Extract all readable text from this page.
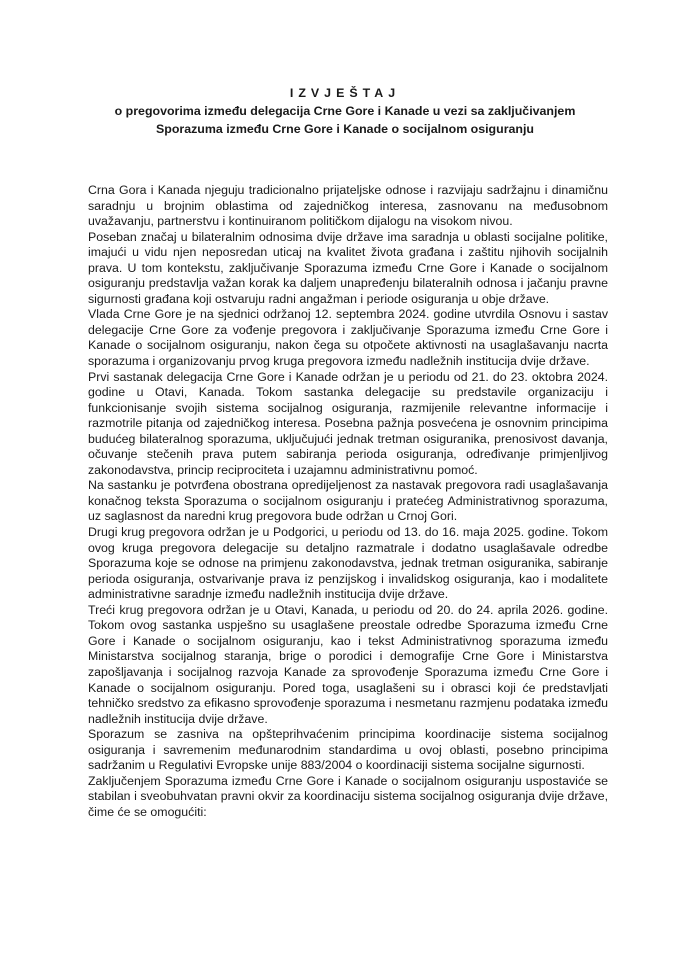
IZVJEŠTAJ
o pregovorima između delegacija Crne Gore i Kanade u vezi sa zaključivanjem
Sporazuma između Crne Gore i Kanade o socijalnom osiguranju

Crna Gora i Kanada njeguju tradicionalno prijateljske odnose i razvijaju sadržajnu i dinamičnu saradnju u brojnim oblastima od zajedničkog interesa, zasnovanu na međusobnom uvažavanju, partnerstvu i kontinuiranom političkom dijalogu na visokom nivou.

Poseban značaj u bilateralnim odnosima dvije države ima saradnja u oblasti socijalne politike, imajući u vidu njen neposredan uticaj na kvalitet života građana i zaštitu njihovih socijalnih prava. U tom kontekstu, zaključivanje Sporazuma između Crne Gore i Kanade o socijalnom osiguranju predstavlja važan korak ka daljem unapređenju bilateralnih odnosa i jačanju pravne sigurnosti građana koji ostvaruju radni angažman i periode osiguranja u obje države.

Vlada Crne Gore je na sjednici održanoj 12. septembra 2024. godine utvrdila Osnovu i sastav delegacije Crne Gore za vođenje pregovora i zaključivanje Sporazuma između Crne Gore i Kanade o socijalnom osiguranju, nakon čega su otpočete aktivnosti na usaglašavanju nacrta sporazuma i organizovanju prvog kruga pregovora između nadležnih institucija dvije države.

Prvi sastanak delegacija Crne Gore i Kanade održan je u periodu od 21. do 23. oktobra 2024. godine u Otavi, Kanada. Tokom sastanka delegacije su predstavile organizaciju i funkcionisanje svojih sistema socijalnog osiguranja, razmijenile relevantne informacije i razmotrile pitanja od zajedničkog interesa. Posebna pažnja posvećena je osnovnim principima budućeg bilateralnog sporazuma, uključujući jednak tretman osiguranika, prenosivost davanja, očuvanje stečenih prava putem sabiranja perioda osiguranja, određivanje primjenljivog zakonodavstva, princip reciprociteta i uzajamnu administrativnu pomoć.

Na sastanku je potvrđena obostrana opredijeljenost za nastavak pregovora radi usaglašavanja konačnog teksta Sporazuma o socijalnom osiguranju i pratećeg Administrativnog sporazuma, uz saglasnost da naredni krug pregovora bude održan u Crnoj Gori.

Drugi krug pregovora održan je u Podgorici, u periodu od 13. do 16. maja 2025. godine. Tokom ovog kruga pregovora delegacije su detaljno razmatrale i dodatno usaglašavale odredbe Sporazuma koje se odnose na primjenu zakonodavstva, jednak tretman osiguranika, sabiranje perioda osiguranja, ostvarivanje prava iz penzijskog i invalidskog osiguranja, kao i modalitete administrativne saradnje između nadležnih institucija dvije države.

Treći krug pregovora održan je u Otavi, Kanada, u periodu od 20. do 24. aprila 2026. godine. Tokom ovog sastanka uspješno su usaglašene preostale odredbe Sporazuma između Crne Gore i Kanade o socijalnom osiguranju, kao i tekst Administrativnog sporazuma između Ministarstva socijalnog staranja, brige o porodici i demografije Crne Gore i Ministarstva zapošljavanja i socijalnog razvoja Kanade za sprovođenje Sporazuma između Crne Gore i Kanade o socijalnom osiguranju. Pored toga, usaglašeni su i obrasci koji će predstavljati tehničko sredstvo za efikasno sprovođenje sporazuma i nesmetanu razmjenu podataka između nadležnih institucija dvije države.

Sporazum se zasniva na opšteprihvaćenim principima koordinacije sistema socijalnog osiguranja i savremenim međunarodnim standardima u ovoj oblasti, posebno principima sadržanim u Regulativi Evropske unije 883/2004 o koordinaciji sistema socijalne sigurnosti.

Zaključenjem Sporazuma između Crne Gore i Kanade o socijalnom osiguranju uspostaviće se stabilan i sveobuhvatan pravni okvir za koordinaciju sistema socijalnog osiguranja dvije države, čime će se omogućiti:
